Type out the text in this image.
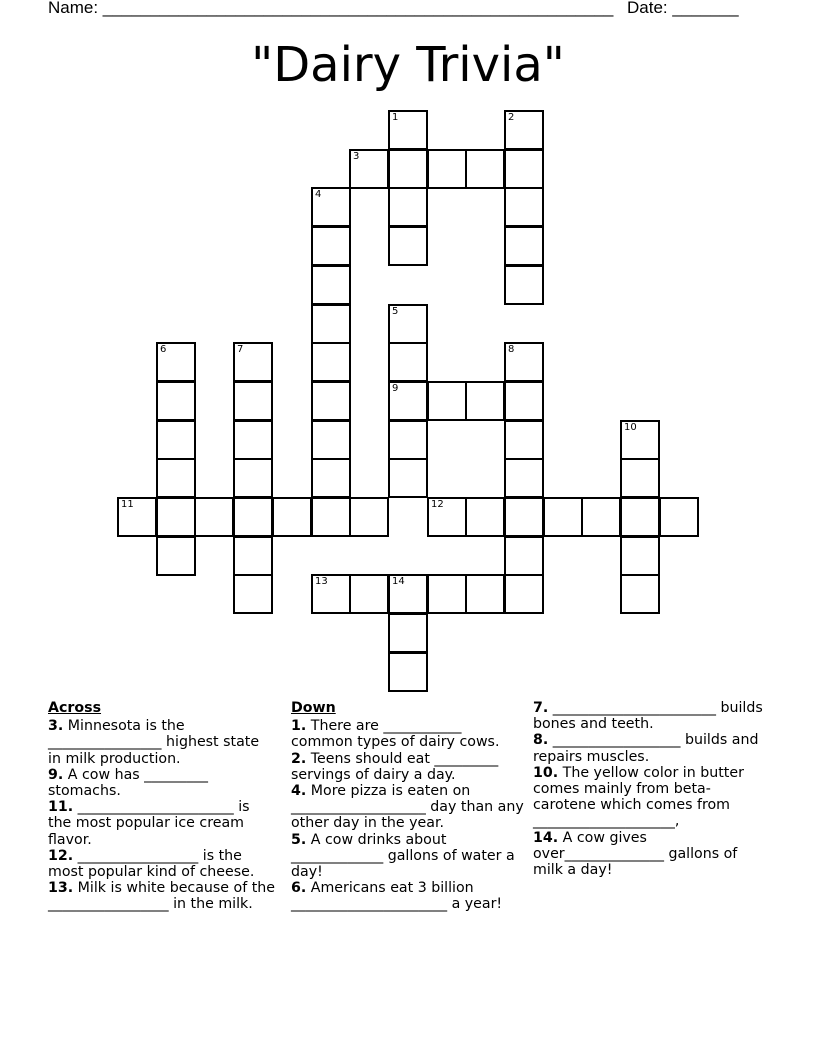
Name: ______________________________________________________ Date: _______
"Dairy Trivia"
1	2
3
4
5
6	7	8
9
10
11	12
13	14
Across

3. Minnesota is the ________________ highest state in milk production.

9. A cow has _________ stomachs.

11. ______________________ is the most popular ice cream flavor.

12. _________________ is the most popular kind of cheese.

13. Milk is white because of the _________________ in the milk.

Down

1. There are ___________ common types of dairy cows.

2. Teens should eat _________ servings of dairy a day.

4. More pizza is eaten on ___________________ day than any other day in the year.

5. A cow drinks about _____________ gallons of water a day!

6. Americans eat 3 billion ______________________ a year!

7. _______________________ builds bones and teeth.

8. __________________ builds and repairs muscles.

10. The yellow color in butter comes mainly from beta-carotene which comes from ____________________,

14. A cow gives over______________ gallons of milk a day!
